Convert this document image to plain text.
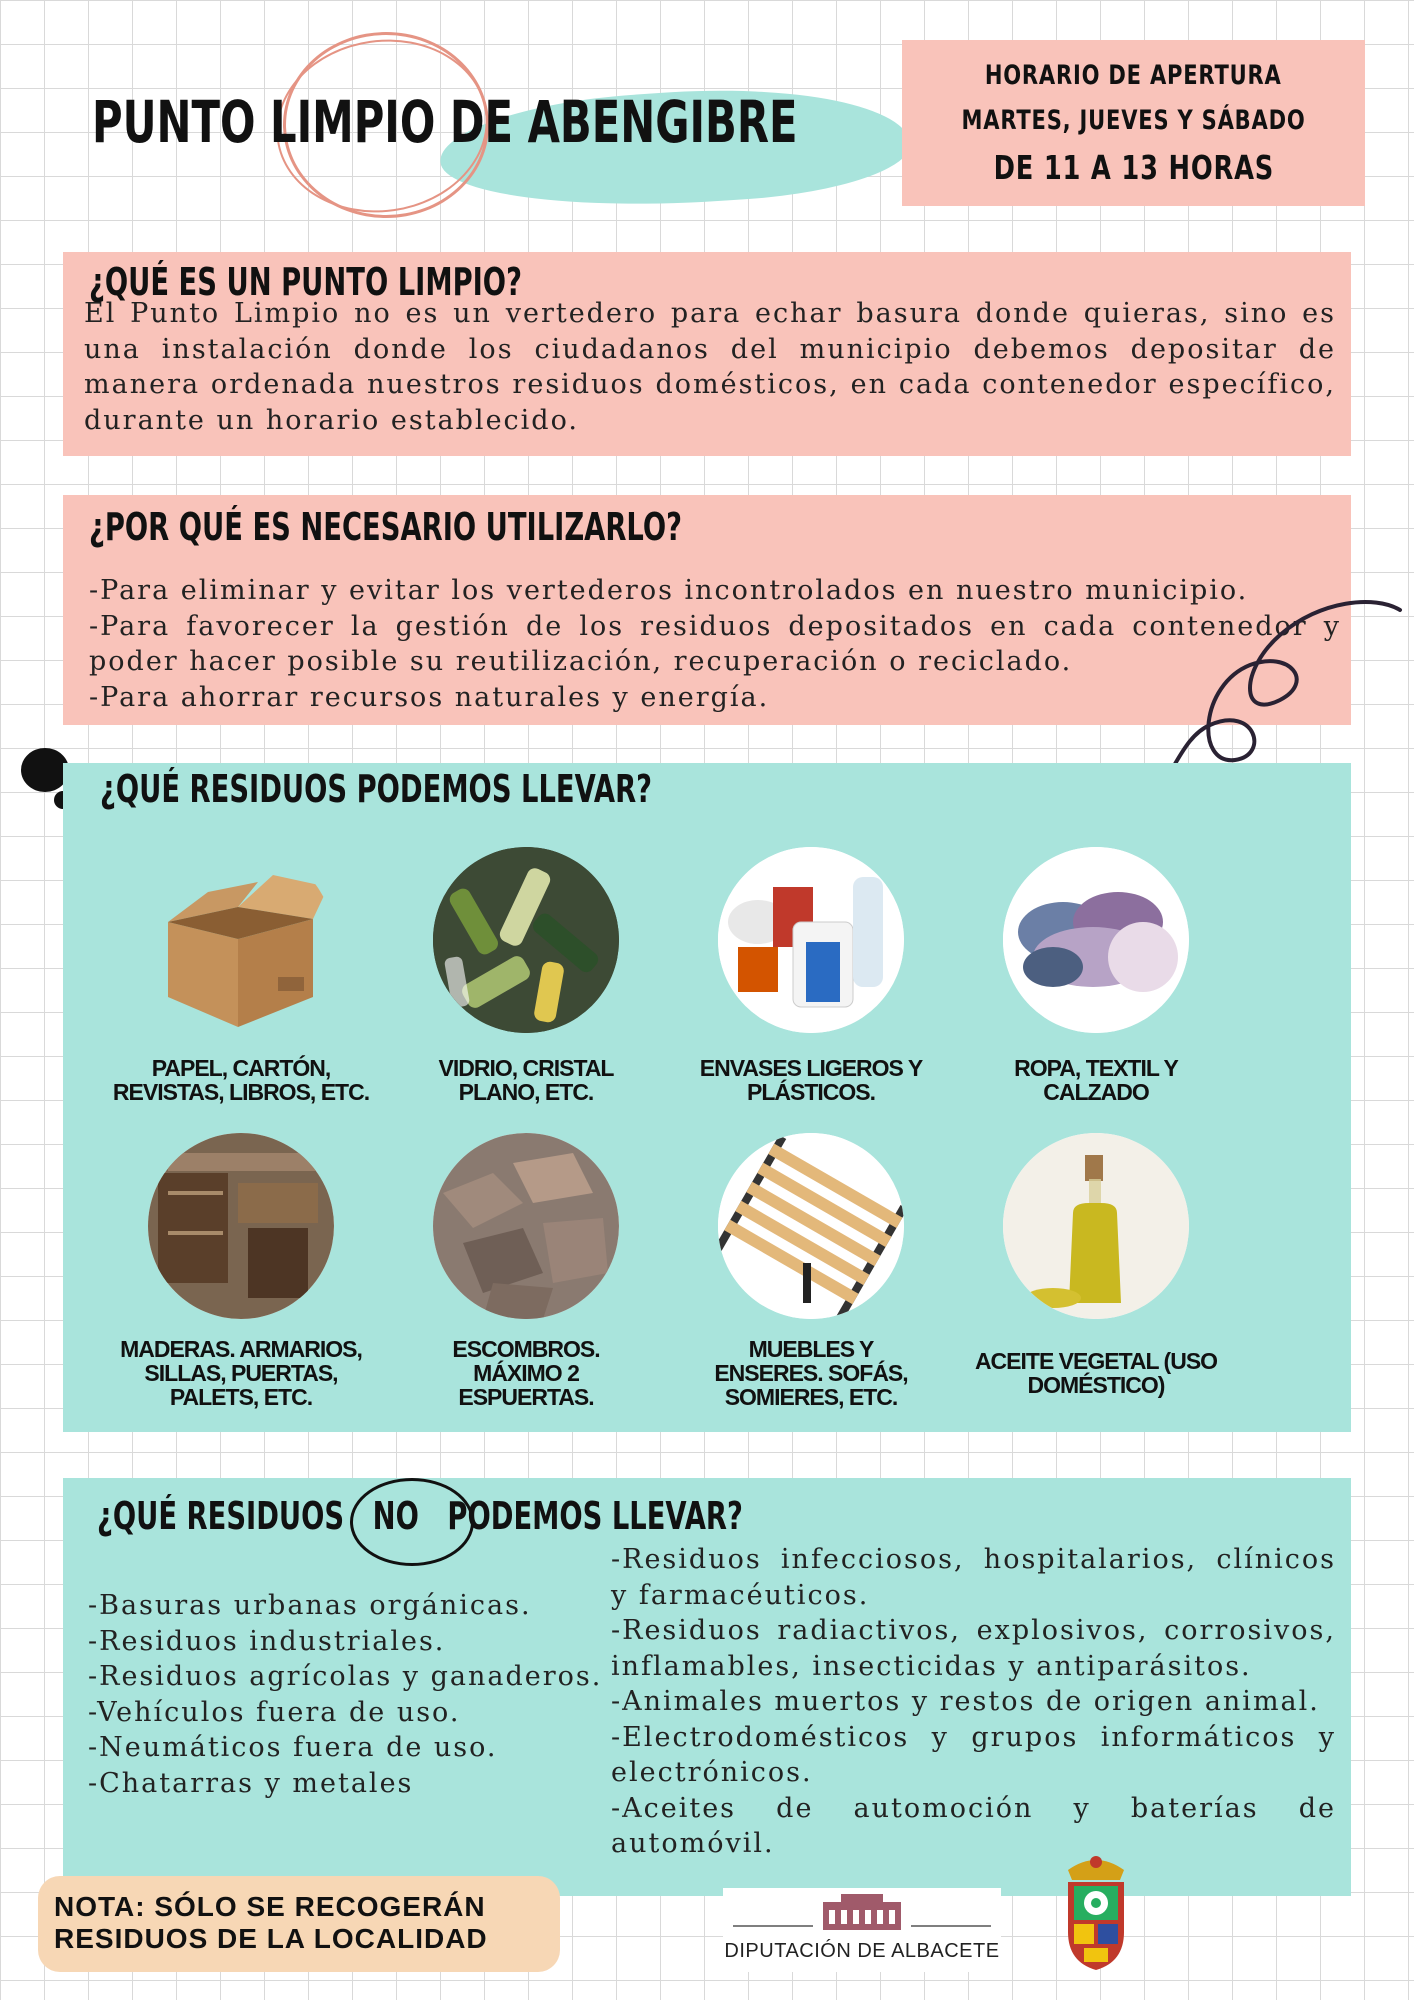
PUNTO LIMPIO DE ABENGIBRE
HORARIO DE APERTURA
MARTES, JUEVES Y SÁBADO
DE 11 A 13 HORAS
¿QUÉ ES UN PUNTO LIMPIO?
El Punto Limpio no es un vertedero para echar basura donde quieras, sino es una instalación donde los ciudadanos del municipio debemos depositar de manera ordenada nuestros residuos domésticos, en cada contenedor específico, durante un horario establecido.
¿POR QUÉ ES NECESARIO UTILIZARLO?
-Para eliminar y evitar los vertederos incontrolados en nuestro municipio.
-Para favorecer la gestión de los residuos depositados en cada contenedor y poder hacer posible su reutilización, recuperación o reciclado.
-Para ahorrar recursos naturales y energía.
¿QUÉ RESIDUOS PODEMOS LLEVAR?
PAPEL, CARTÓN, REVISTAS, LIBROS, ETC.
VIDRIO, CRISTAL PLANO, ETC.
ENVASES LIGEROS Y PLÁSTICOS.
ROPA, TEXTIL Y CALZADO
MADERAS. ARMARIOS, SILLAS, PUERTAS, PALETS, ETC.
ESCOMBROS. MÁXIMO 2 ESPUERTAS.
MUEBLES Y ENSERES. SOFÁS, SOMIERES, ETC.
ACEITE VEGETAL (USO DOMÉSTICO)
¿QUÉ RESIDUOS NO PODEMOS LLEVAR?
-Basuras urbanas orgánicas.
-Residuos industriales.
-Residuos agrícolas y ganaderos.
-Vehículos fuera de uso.
-Neumáticos fuera de uso.
-Chatarras y metales
-Residuos infecciosos, hospitalarios, clínicos y farmacéuticos.
-Residuos radiactivos, explosivos, corrosivos, inflamables, insecticidas y antiparásitos.
-Animales muertos y restos de origen animal.
-Electrodomésticos y grupos informáticos y electrónicos.
-Aceites de automoción y baterías de automóvil.
NOTA: SÓLO SE RECOGERÁN
RESIDUOS DE LA LOCALIDAD	DIPUTACIÓN DE ALBACETE
